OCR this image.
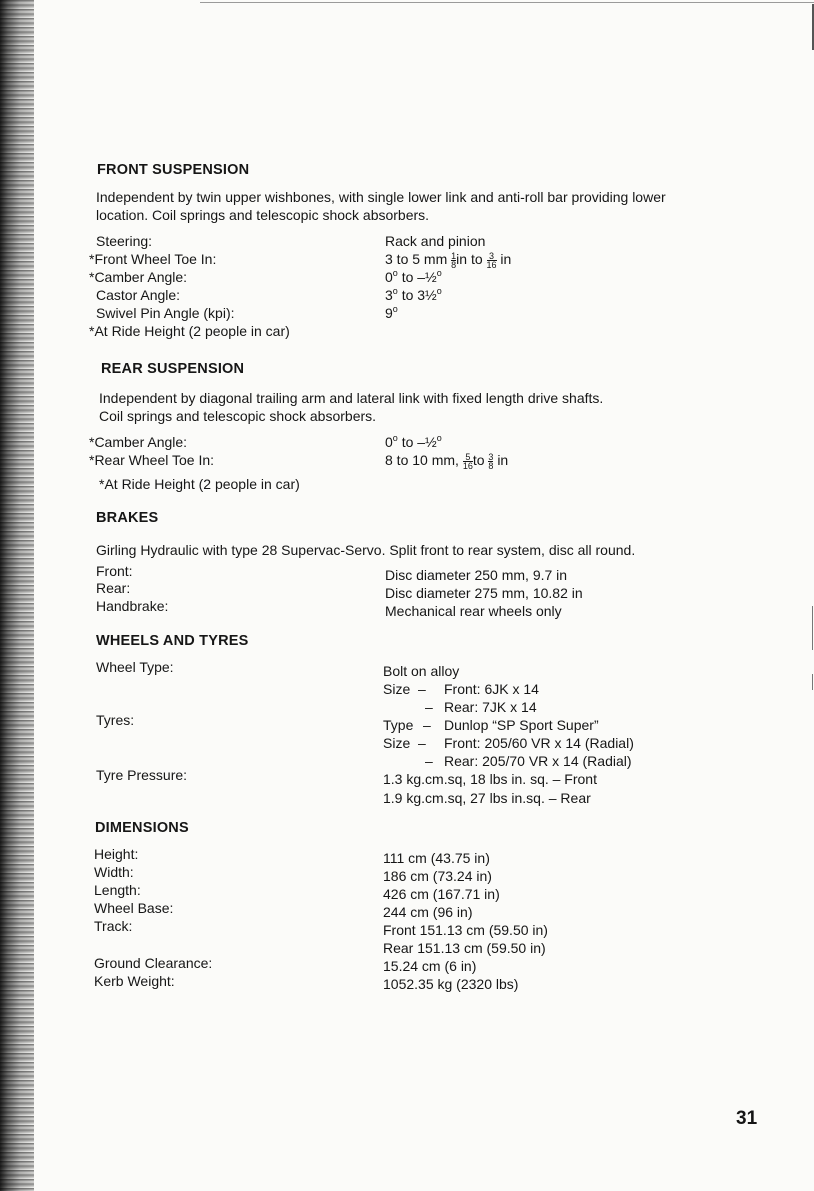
FRONT SUSPENSION
Independent by twin upper wishbones, with single lower link and anti-roll bar providing lower
location. Coil springs and telescopic shock absorbers.
Steering:	Rack and pinion
*Front Wheel Toe In:	3 to 5 mm $\frac{1}{8}$ in to $\frac{3}{16}$ in
*Camber Angle:	0$^o$ to –½$^o$
Castor Angle:	3$^o$ to 3½$^o$
Swivel Pin Angle (kpi):	9$^o$
*At Ride Height (2 people in car)
REAR SUSPENSION
Independent by diagonal trailing arm and lateral link with fixed length drive shafts.
Coil springs and telescopic shock absorbers.
*Camber Angle:	0$^o$ to –½$^o$
*Rear Wheel Toe In:	8 to 10 mm, $\frac{5}{16}$ to $\frac{3}{8}$ in
*At Ride Height (2 people in car)
BRAKES
Girling Hydraulic with type 28 Supervac-Servo. Split front to rear system, disc all round.
Front:	Disc diameter 250 mm, 9.7 in
Rear:	Disc diameter 275 mm, 10.82 in
Handbrake:	Mechanical rear wheels only
WHEELS AND TYRES
Wheel Type:	Bolt on alloy
Size – Front: 6JK x 14
– Rear: 7JK x 14
Tyres:	Type – Dunlop “SP Sport Super”
Size – Front: 205/60 VR x 14 (Radial)
– Rear: 205/70 VR x 14 (Radial)
Tyre Pressure:	1.3 kg.cm.sq, 18 lbs in. sq. – Front
1.9 kg.cm.sq, 27 lbs in.sq. – Rear
DIMENSIONS
Height:	111 cm (43.75 in)
Width:	186 cm (73.24 in)
Length:	426 cm (167.71 in)
Wheel Base:	244 cm (96 in)
Track:	Front 151.13 cm (59.50 in)
Rear 151.13 cm (59.50 in)
Ground Clearance:	15.24 cm (6 in)
Kerb Weight:	1052.35 kg (2320 lbs)
31
